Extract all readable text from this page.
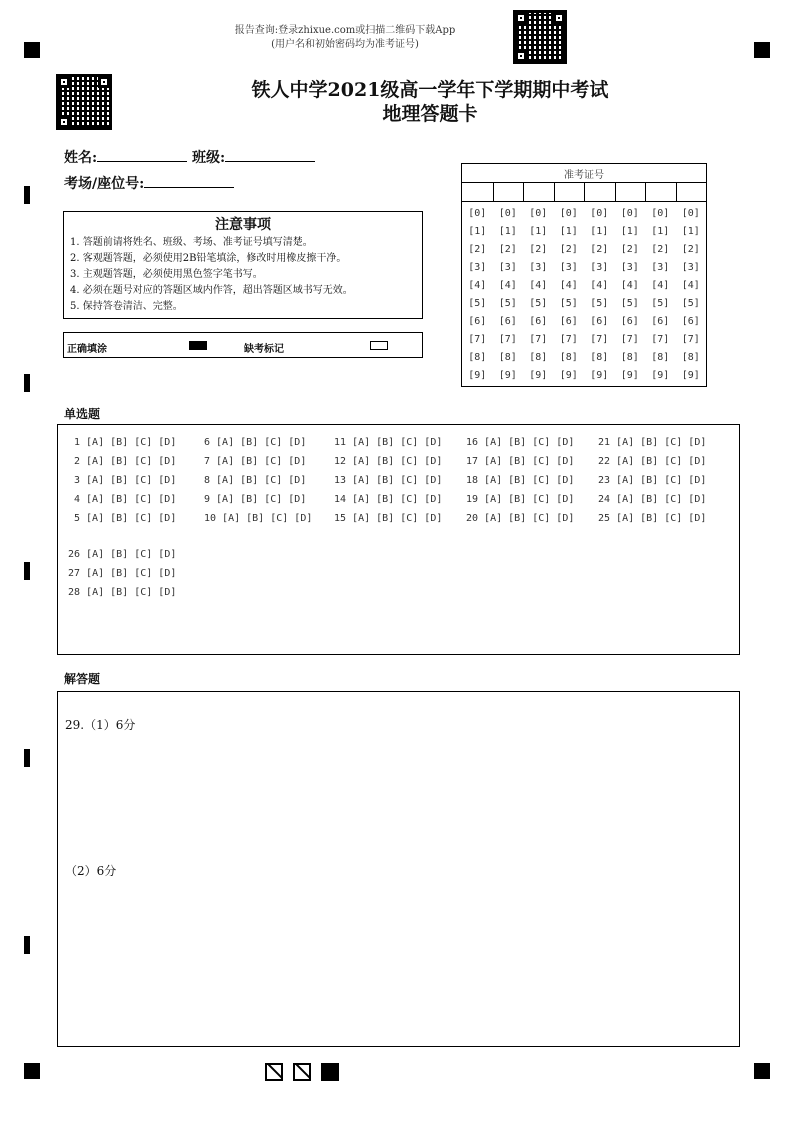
报告查询:登录zhixue.com或扫描二维码下载App
(用户名和初始密码均为准考证号)
铁人中学2021级高一学年下学期期中考试
地理答题卡
姓名:	班级:
考场/座位号:
注意事项
1. 答题前请将姓名、班级、考场、准考证号填写清楚。
2. 客观题答题，必须使用2B铅笔填涂，修改时用橡皮擦干净。
3. 主观题答题，必须使用黑色签字笔书写。
4. 必须在题号对应的答题区域内作答，超出答题区域书写无效。
5. 保持答卷清洁、完整。
正确填涂	缺考标记
准考证号
[0]
[1]
[2]
[3]
[4]
[5]
[6]
[7]
[8]
[9]
[0]
[1]
[2]
[3]
[4]
[5]
[6]
[7]
[8]
[9]
[0]
[1]
[2]
[3]
[4]
[5]
[6]
[7]
[8]
[9]
[0]
[1]
[2]
[3]
[4]
[5]
[6]
[7]
[8]
[9]
[0]
[1]
[2]
[3]
[4]
[5]
[6]
[7]
[8]
[9]
[0]
[1]
[2]
[3]
[4]
[5]
[6]
[7]
[8]
[9]
[0]
[1]
[2]
[3]
[4]
[5]
[6]
[7]
[8]
[9]
[0]
[1]
[2]
[3]
[4]
[5]
[6]
[7]
[8]
[9]
单选题
1 [A] [B] [C] [D]
2 [A] [B] [C] [D]
3 [A] [B] [C] [D]
4 [A] [B] [C] [D]
5 [A] [B] [C] [D]
6 [A] [B] [C] [D]
7 [A] [B] [C] [D]
8 [A] [B] [C] [D]
9 [A] [B] [C] [D]
10 [A] [B] [C] [D]
11 [A] [B] [C] [D]
12 [A] [B] [C] [D]
13 [A] [B] [C] [D]
14 [A] [B] [C] [D]
15 [A] [B] [C] [D]
16 [A] [B] [C] [D]
17 [A] [B] [C] [D]
18 [A] [B] [C] [D]
19 [A] [B] [C] [D]
20 [A] [B] [C] [D]
21 [A] [B] [C] [D]
22 [A] [B] [C] [D]
23 [A] [B] [C] [D]
24 [A] [B] [C] [D]
25 [A] [B] [C] [D]
26 [A] [B] [C] [D]
27 [A] [B] [C] [D]
28 [A] [B] [C] [D]
解答题
29.（1）6分
（2）6分
